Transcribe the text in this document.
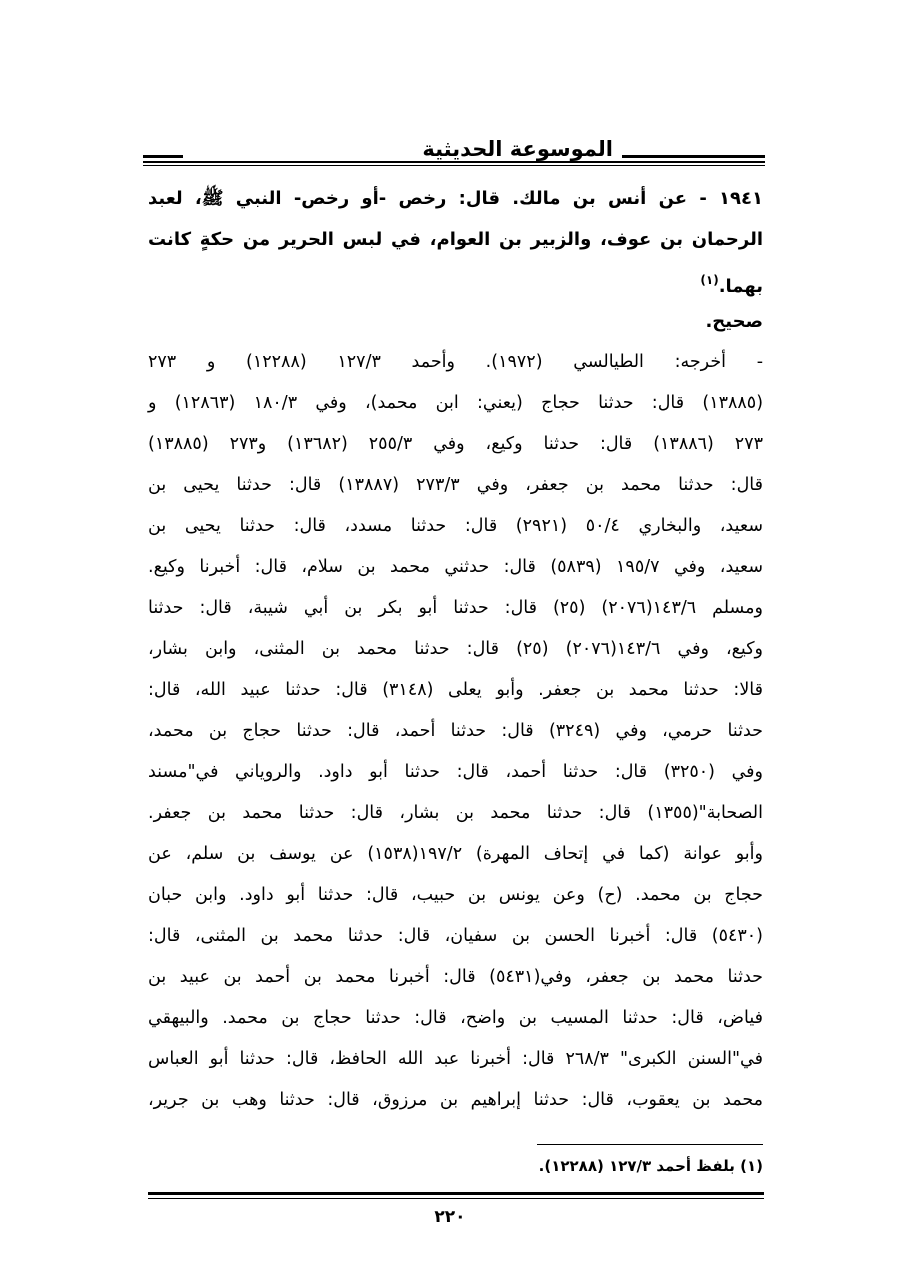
الموسوعة الحديثية
١٩٤١ - عن أنس بن مالك. قال: رخص -أو رخص- النبي ﷺ، لعبد
الرحمان بن عوف، والزبير بن العوام، في لبس الحرير من حكةٍ كانت
بهما.$^{(١)}$
صحيح.
- أخرجه: الطيالسي (١٩٧٢). وأحمد ١٢٧/٣ (١٢٢٨٨) و ٢٧٣
(١٣٨٨٥) قال: حدثنا حجاج (يعني: ابن محمد)، وفي ١٨٠/٣ (١٢٨٦٣) و
٢٧٣ (١٣٨٨٦) قال: حدثنا وكيع، وفي ٢٥٥/٣ (١٣٦٨٢) و٢٧٣ (١٣٨٨٥)
قال: حدثنا محمد بن جعفر، وفي ٢٧٣/٣ (١٣٨٨٧) قال: حدثنا يحيى بن
سعيد، والبخاري ٥٠/٤ (٢٩٢١) قال: حدثنا مسدد، قال: حدثنا يحيى بن
سعيد، وفي ١٩٥/٧ (٥٨٣٩) قال: حدثني محمد بن سلام، قال: أخبرنا وكيع.
ومسلم ١٤٣/٦(٢٠٧٦) (٢٥) قال: حدثنا أبو بكر بن أبي شيبة، قال: حدثنا
وكيع، وفي ١٤٣/٦(٢٠٧٦) (٢٥) قال: حدثنا محمد بن المثنى، وابن بشار،
قالا: حدثنا محمد بن جعفر. وأبو يعلى (٣١٤٨) قال: حدثنا عبيد الله، قال:
حدثنا حرمي، وفي (٣٢٤٩) قال: حدثنا أحمد، قال: حدثنا حجاج بن محمد،
وفي (٣٢٥٠) قال: حدثنا أحمد، قال: حدثنا أبو داود. والروياني في"مسند
الصحابة"(١٣٥٥) قال: حدثنا محمد بن بشار، قال: حدثنا محمد بن جعفر.
وأبو عوانة (كما في إتحاف المهرة) ١٩٧/٢(١٥٣٨) عن يوسف بن سلم، عن
حجاج بن محمد. (ح) وعن يونس بن حبيب، قال: حدثنا أبو داود. وابن حبان
(٥٤٣٠) قال: أخبرنا الحسن بن سفيان، قال: حدثنا محمد بن المثنى، قال:
حدثنا محمد بن جعفر، وفي(٥٤٣١) قال: أخبرنا محمد بن أحمد بن عبيد بن
فياض، قال: حدثنا المسيب بن واضح، قال: حدثنا حجاج بن محمد. والبيهقي
في"السنن الكبرى" ٢٦٨/٣ قال: أخبرنا عبد الله الحافظ، قال: حدثنا أبو العباس
محمد بن يعقوب، قال: حدثنا إبراهيم بن مرزوق، قال: حدثنا وهب بن جرير،
(١) بلفظ أحمد ١٢٧/٣ (١٢٢٨٨).
٢٢٠
